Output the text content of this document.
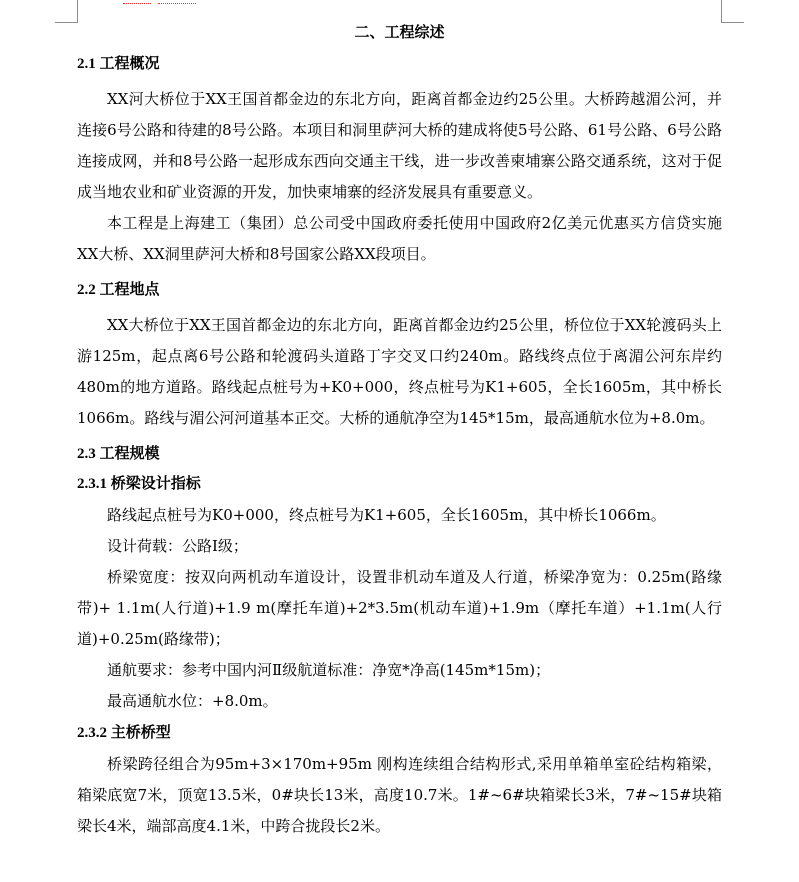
二、工程综述
2.1 工程概况

XX河大桥位于XX王国首都金边的东北方向，距离首都金边约25公里。大桥跨越湄公河，并连接6号公路和待建的8号公路。本项目和洞里萨河大桥的建成将使5号公路、61号公路、6号公路连接成网，并和8号公路一起形成东西向交通主干线，进一步改善柬埔寨公路交通系统，这对于促成当地农业和矿业资源的开发，加快柬埔寨的经济发展具有重要意义。

本工程是上海建工（集团）总公司受中国政府委托使用中国政府2亿美元优惠买方信贷实施XX大桥、XX洞里萨河大桥和8号国家公路XX段项目。

2.2 工程地点

XX大桥位于XX王国首都金边的东北方向，距离首都金边约25公里，桥位位于XX轮渡码头上游125m，起点离6号公路和轮渡码头道路丁字交叉口约240m。路线终点位于离湄公河东岸约480m的地方道路。路线起点桩号为+K0+000，终点桩号为K1+605，全长1605m，其中桥长1066m。路线与湄公河河道基本正交。大桥的通航净空为145*15m，最高通航水位为+8.0m。

2.3 工程规模
2.3.1 桥梁设计指标

路线起点桩号为K0+000，终点桩号为K1+605，全长1605m，其中桥长1066m。

设计荷载：公路Ⅰ级；

桥梁宽度：按双向两机动车道设计，设置非机动车道及人行道，桥梁净宽为：0.25m(路缘带)+ 1.1m(人行道)+1.9 m(摩托车道)+2*3.5m(机动车道)+1.9m（摩托车道）+1.1m(人行道)+0.25m(路缘带)；

通航要求：参考中国内河Ⅱ级航道标准：净宽*净高(145m*15m)；

最高通航水位：+8.0m。

2.3.2 主桥桥型

桥梁跨径组合为95m+3×170m+95m 刚构连续组合结构形式,采用单箱单室砼结构箱梁，箱梁底宽7米，顶宽13.5米，0#块长13米，高度10.7米。1#~6#块箱梁长3米，7#~15#块箱梁长4米，端部高度4.1米，中跨合拢段长2米。
